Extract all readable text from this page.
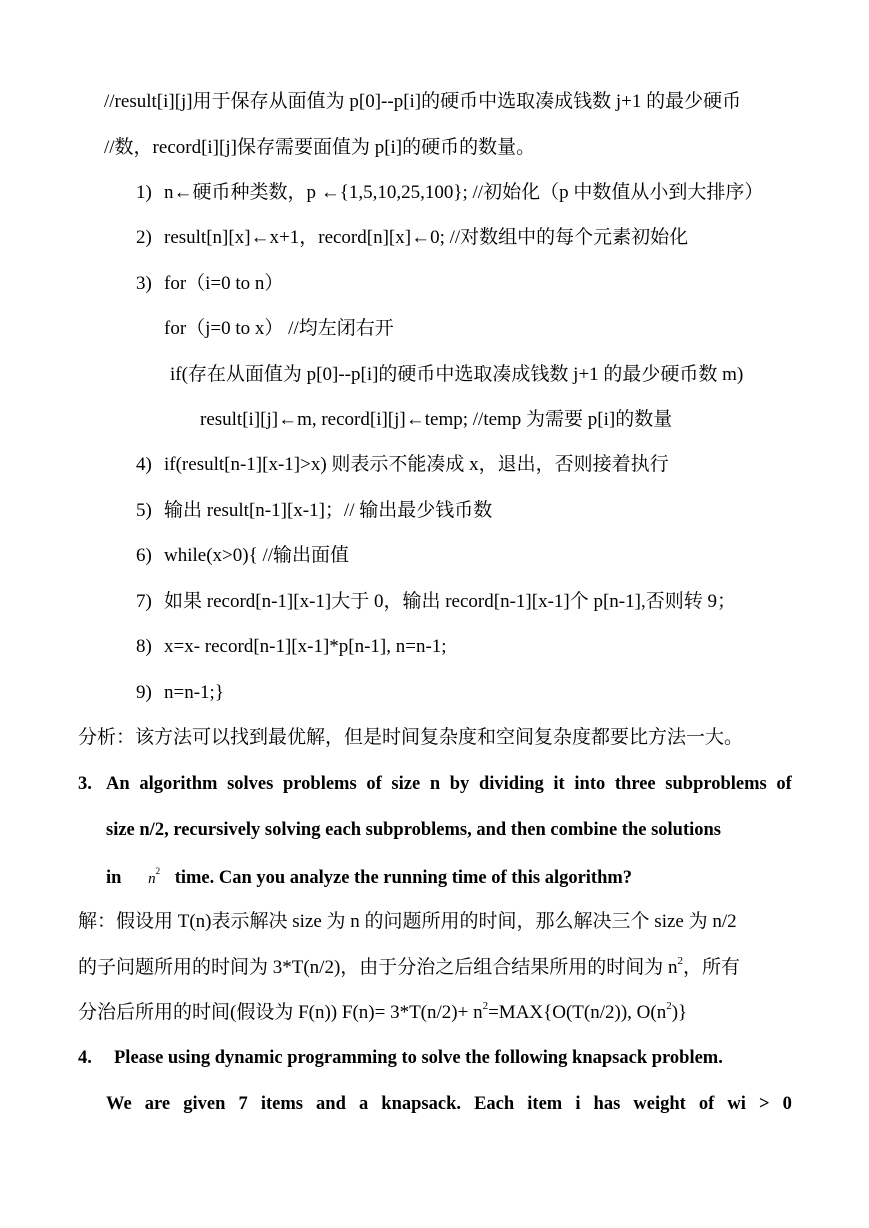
//result[i][j]用于保存从面值为 p[0]--p[i]的硬币中选取凑成钱数 j+1 的最少硬币
//数，record[i][j]保存需要面值为 p[i]的硬币的数量。
1) n←硬币种类数，p ←{1,5,10,25,100}; //初始化（p 中数值从小到大排序）
2) result[n][x]←x+1，record[n][x]←0; //对数组中的每个元素初始化
3) for（i=0 to n）
for（j=0 to x） //均左闭右开
if(存在从面值为 p[0]--p[i]的硬币中选取凑成钱数 j+1 的最少硬币数 m)
result[i][j]←m, record[i][j]←temp; //temp 为需要 p[i]的数量
4) if(result[n-1][x-1]>x) 则表示不能凑成 x，退出，否则接着执行
5) 输出 result[n-1][x-1]；// 输出最少钱币数
6) while(x>0){ //输出面值
7) 如果 record[n-1][x-1]大于 0，输出 record[n-1][x-1]个 p[n-1],否则转 9；
8) x=x- record[n-1][x-1]*p[n-1], n=n-1;
9) n=n-1;}
分析：该方法可以找到最优解，但是时间复杂度和空间复杂度都要比方法一大。
3. An algorithm solves problems of size n by dividing it into three subproblems of
size n/2, recursively solving each subproblems, and then combine the solutions
in $n^2$ time. Can you analyze the running time of this algorithm?
解：假设用 T(n)表示解决 size 为 n 的问题所用的时间，那么解决三个 size 为 n/2
的子问题所用的时间为 3*T(n/2)，由于分治之后组合结果所用的时间为 $n^2$，所有
分治后所用的时间(假设为 F(n)) $F(n)= 3*T(n/2)+ n^2=MAX\{O(T(n/2))$, $O(n^2)$}
4. Please using dynamic programming to solve the following knapsack problem.
We are given 7 items and a knapsack. Each item i has weight of wi > 0
